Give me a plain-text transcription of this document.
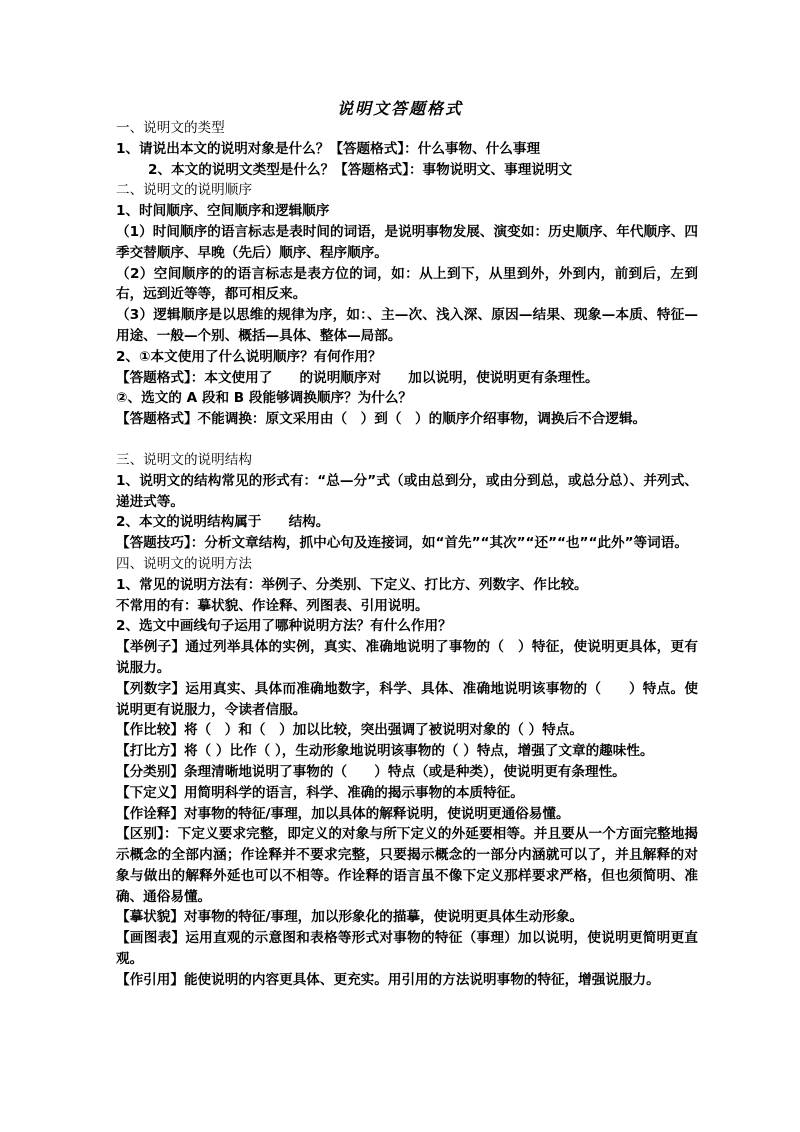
说明文答题格式

一、说明文的类型

1、请说出本文的说明对象是什么？【答题格式】：什么事物、什么事理

2、本文的说明文类型是什么？【答题格式】：事物说明文、事理说明文

二、说明文的说明顺序

1、时间顺序、空间顺序和逻辑顺序

（1）时间顺序的语言标志是表时间的词语，是说明事物发展、演变如：历史顺序、年代顺序、四季交替顺序、早晚（先后）顺序、程序顺序。

（2）空间顺序的的语言标志是表方位的词，如：从上到下，从里到外，外到内，前到后，左到右，远到近等等，都可相反来。

（3）逻辑顺序是以思维的规律为序，如：、主—次、浅入深、原因—结果、现象—本质、特征—用途、一般—个别、概括—具体、整体—局部。

2、①本文使用了什么说明顺序？有何作用？

【答题格式】：本文使用了　　的说明顺序对　　加以说明，使说明更有条理性。

②、选文的 A 段和 B 段能够调换顺序？为什么？

【答题格式】不能调换：原文采用由（　）到（　）的顺序介绍事物，调换后不合逻辑。

三、说明文的说明结构

1、说明文的结构常见的形式有：“总—分”式（或由总到分，或由分到总，或总分总）、并列式、递进式等。

2、本文的说明结构属于　　结构。

【答题技巧】：分析文章结构，抓中心句及连接词，如“首先”“其次”“还”“也”“此外”等词语。

四、说明文的说明方法

1、常见的说明方法有：举例子、分类别、下定义、打比方、列数字、作比较。

不常用的有：摹状貌、作诠释、列图表、引用说明。

2、选文中画线句子运用了哪种说明方法？有什么作用？

【举例子】通过列举具体的实例，真实、准确地说明了事物的（　）特征，使说明更具体，更有说服力。

【列数字】运用真实、具体而准确地数字，科学、具体、准确地说明该事物的（　　）特点。使说明更有说服力，令读者信服。

【作比较】将（　）和（　）加以比较，突出强调了被说明对象的（ ）特点。

【打比方】将（ ）比作（ ），生动形象地说明该事物的（ ）特点，增强了文章的趣味性。

【分类别】条理清晰地说明了事物的（　　）特点（或是种类），使说明更有条理性。

【下定义】用简明科学的语言，科学、准确的揭示事物的本质特征。

【作诠释】对事物的特征/事理，加以具体的解释说明，使说明更通俗易懂。

【区别】：下定义要求完整，即定义的对象与所下定义的外延要相等。并且要从一个方面完整地揭示概念的全部内涵；作诠释并不要求完整，只要揭示概念的一部分内涵就可以了，并且解释的对象与做出的解释外延也可以不相等。作诠释的语言虽不像下定义那样要求严格，但也须简明、准确、通俗易懂。

【摹状貌】对事物的特征/事理，加以形象化的描摹，使说明更具体生动形象。

【画图表】运用直观的示意图和表格等形式对事物的特征（事理）加以说明，使说明更简明更直观。

【作引用】能使说明的内容更具体、更充实。用引用的方法说明事物的特征，增强说服力。
